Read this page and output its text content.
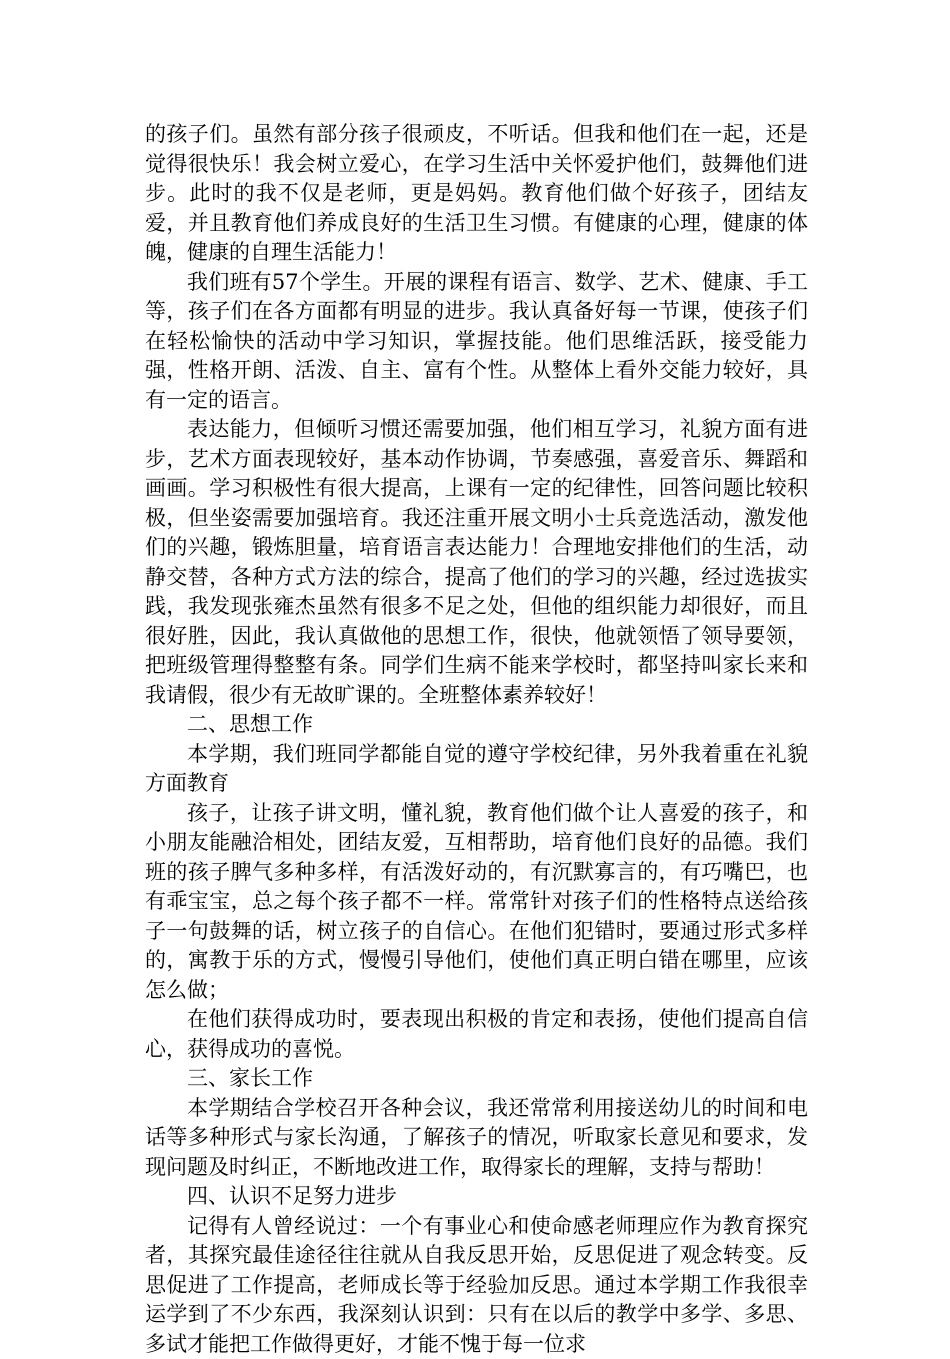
的孩子们。虽然有部分孩子很顽皮，不听话。但我和他们在一起，还是觉得很快乐！我会树立爱心，在学习生活中关怀爱护他们，鼓舞他们进步。此时的我不仅是老师，更是妈妈。教育他们做个好孩子，团结友爱，并且教育他们养成良好的生活卫生习惯。有健康的心理，健康的体魄，健康的自理生活能力！

我们班有57个学生。开展的课程有语言、数学、艺术、健康、手工等，孩子们在各方面都有明显的进步。我认真备好每一节课，使孩子们在轻松愉快的活动中学习知识，掌握技能。他们思维活跃，接受能力强，性格开朗、活泼、自主、富有个性。从整体上看外交能力较好，具有一定的语言。

表达能力，但倾听习惯还需要加强，他们相互学习，礼貌方面有进步，艺术方面表现较好，基本动作协调，节奏感强，喜爱音乐、舞蹈和画画。学习积极性有很大提高，上课有一定的纪律性，回答问题比较积极，但坐姿需要加强培育。我还注重开展文明小士兵竞选活动，激发他们的兴趣，锻炼胆量，培育语言表达能力！合理地安排他们的生活，动静交替，各种方式方法的综合，提高了他们的学习的兴趣，经过选拔实践，我发现张雍杰虽然有很多不足之处，但他的组织能力却很好，而且很好胜，因此，我认真做他的思想工作，很快，他就领悟了领导要领，把班级管理得整整有条。同学们生病不能来学校时，都坚持叫家长来和我请假，很少有无故旷课的。全班整体素养较好！

二、思想工作

本学期，我们班同学都能自觉的遵守学校纪律，另外我着重在礼貌方面教育

孩子，让孩子讲文明，懂礼貌，教育他们做个让人喜爱的孩子，和小朋友能融洽相处，团结友爱，互相帮助，培育他们良好的品德。我们班的孩子脾气多种多样，有活泼好动的，有沉默寡言的，有巧嘴巴，也有乖宝宝，总之每个孩子都不一样。常常针对孩子们的性格特点送给孩子一句鼓舞的话，树立孩子的自信心。在他们犯错时，要通过形式多样的，寓教于乐的方式，慢慢引导他们，使他们真正明白错在哪里，应该怎么做；

在他们获得成功时，要表现出积极的肯定和表扬，使他们提高自信心，获得成功的喜悦。

三、家长工作

本学期结合学校召开各种会议，我还常常利用接送幼儿的时间和电话等多种形式与家长沟通，了解孩子的情况，听取家长意见和要求，发现问题及时纠正，不断地改进工作，取得家长的理解，支持与帮助！

四、认识不足努力进步

记得有人曾经说过：一个有事业心和使命感老师理应作为教育探究者，其探究最佳途径往往就从自我反思开始，反思促进了观念转变。反思促进了工作提高，老师成长等于经验加反思。通过本学期工作我很幸运学到了不少东西，我深刻认识到：只有在以后的教学中多学、多思、多试才能把工作做得更好，才能不愧于每一位求
